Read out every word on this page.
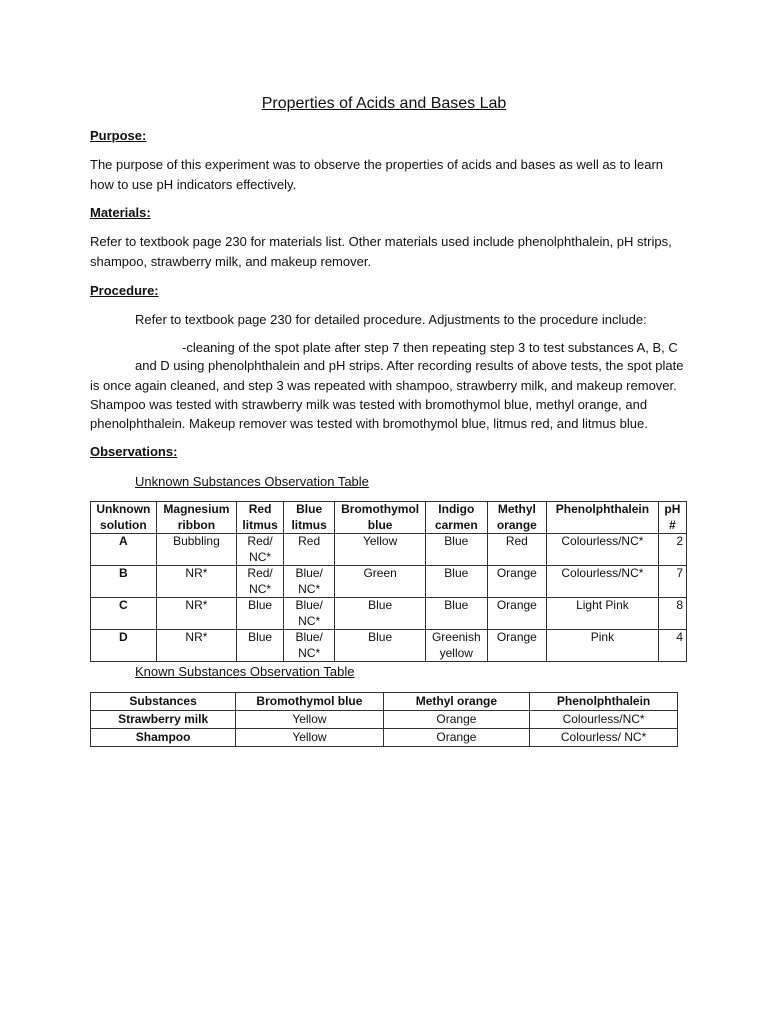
Properties of Acids and Bases Lab
Purpose:
The purpose of this experiment was to observe the properties of acids and bases as well as to learn how to use pH indicators effectively.
Materials:
Refer to textbook page 230 for materials list. Other materials used include phenolphthalein, pH strips, shampoo, strawberry milk, and makeup remover.
Procedure:
Refer to textbook page 230 for detailed procedure. Adjustments to the procedure include:
-cleaning of the spot plate after step 7 then repeating step 3 to test substances A, B, C
and D using phenolphthalein and pH strips. After recording results of above tests, the spot plate
is once again cleaned, and step 3 was repeated with shampoo, strawberry milk, and makeup remover. Shampoo was tested with strawberry milk was tested with bromothymol blue, methyl orange, and phenolphthalein. Makeup remover was tested with bromothymol blue, litmus red, and litmus blue.
Observations:
Unknown Substances Observation Table
Unknown solution	Magnesium ribbon	Red litmus	Blue litmus	Bromothymol blue	Indigo carmen	Methyl orange	Phenolphthalein	pH #
A	Bubbling	Red/ NC*	Red	Yellow	Blue	Red	Colourless/NC*	2
B	NR*	Red/ NC*	Blue/ NC*	Green	Blue	Orange	Colourless/NC*	7
C	NR*	Blue	Blue/ NC*	Blue	Blue	Orange	Light Pink	8
D	NR*	Blue	Blue/ NC*	Blue	Greenish yellow	Orange	Pink	4
Known Substances Observation Table
Substances	Bromothymol blue	Methyl orange	Phenolphthalein
Strawberry milk	Yellow	Orange	Colourless/NC*
Shampoo	Yellow	Orange	Colourless/ NC*
